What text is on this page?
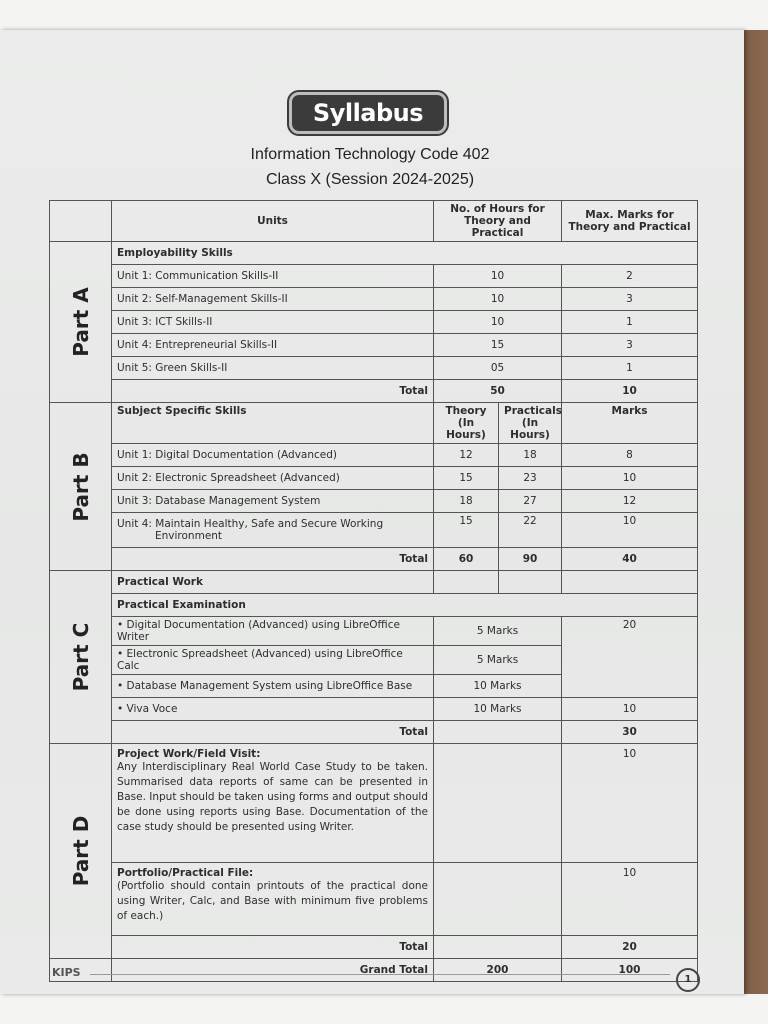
Syllabus
Information Technology Code 402
Class X (Session 2024-2025)
	Units	No. of Hours for Theory and Practical		Max. Marks for Theory and Practical

Part A	Employability Skills			
	Unit 1: Communication Skills-II	10		2
	Unit 2: Self-Management Skills-II	10		3
	Unit 3: ICT Skills-II	10		1
	Unit 4: Entrepreneurial Skills-II	15		3
	Unit 5: Green Skills-II	05		1
	Total	50		10

Part B	Subject Specific Skills	Theory (In Hours)	Practicals (In Hours)	Marks
	Unit 1: Digital Documentation (Advanced)	12	18	8
	Unit 2: Electronic Spreadsheet (Advanced)	15	23	10
	Unit 3: Database Management System	18	27	12

	Unit 4: Maintain Healthy, Safe and Secure Working
Environment	15	22	10
	Total	60	90	40

Part C	Practical Work			
	Practical Examination			
	• Digital Documentation (Advanced) using LibreOffice Writer	5 Marks		20
	• Electronic Spreadsheet (Advanced) using LibreOffice Calc	5 Marks		
	• Database Management System using LibreOffice Base	10 Marks		
	• Viva Voce	10 Marks		10
	Total			30

Part D	Project Work/Field Visit:
Any Interdisciplinary Real World Case Study to be taken. Summarised data reports of same can be presented in Base. Input should be taken using forms and output should be done using reports using Base. Documentation of the case study should be presented using Writer.			10

	Portfolio/Practical File:
(Portfolio should contain printouts of the practical done using Writer, Calc, and Base with minimum five problems of each.)			10
	Total			20
	Grand Total	200		100
KIPS
1
